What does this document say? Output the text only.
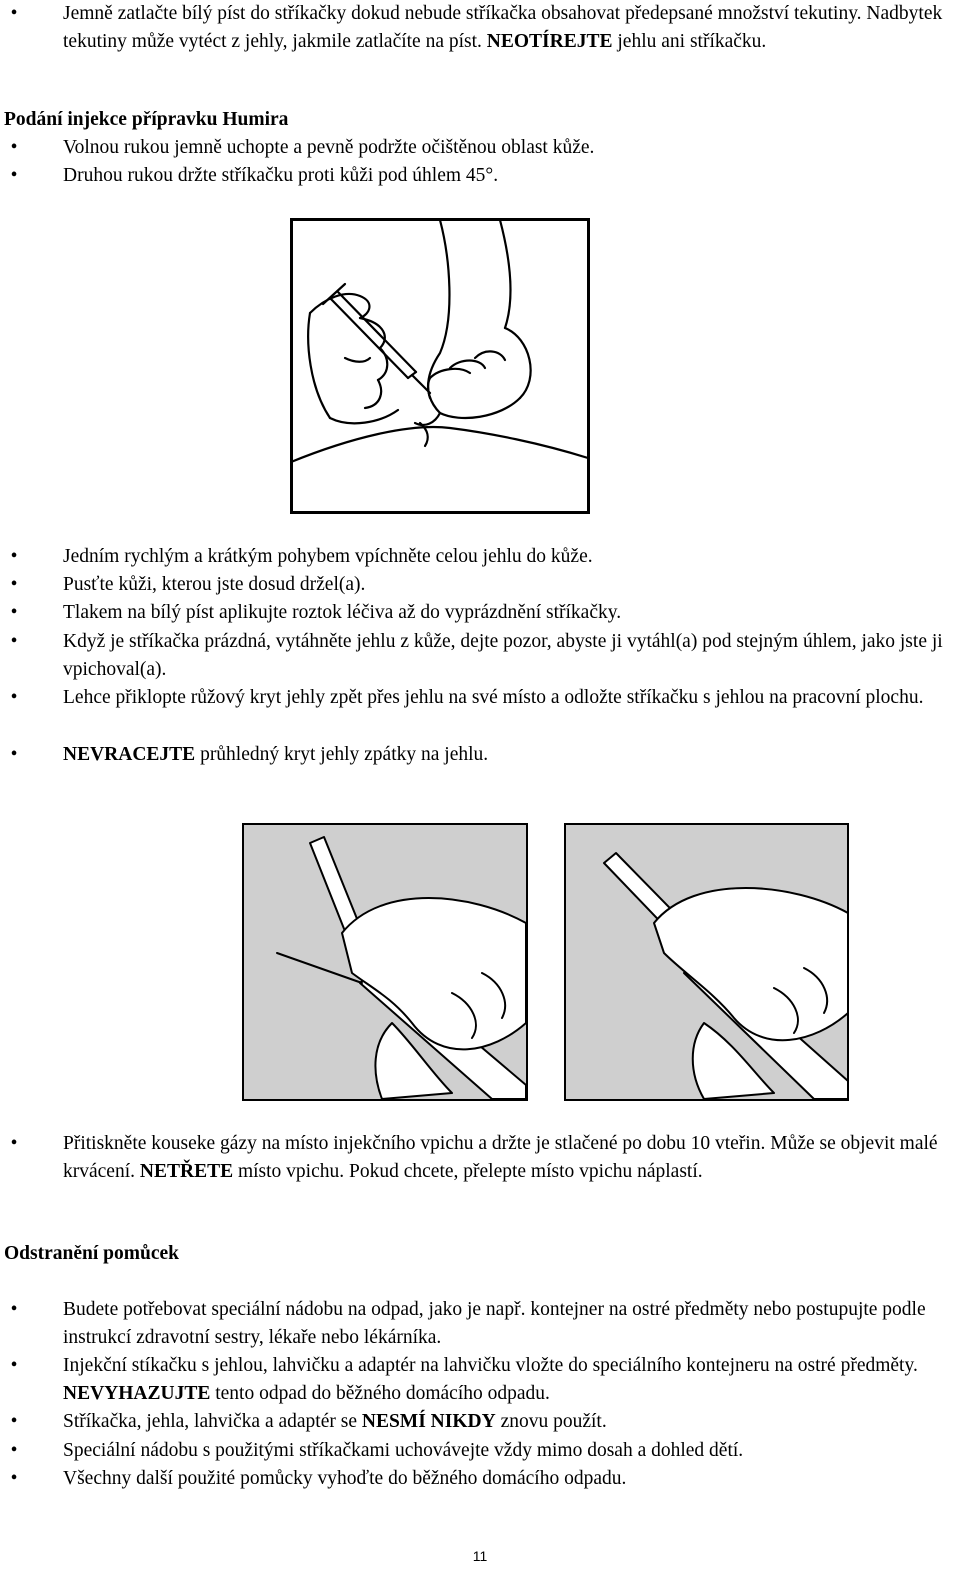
•	Jemně zatlačte bílý píst do stříkačky dokud nebude stříkačka obsahovat předepsané množství tekutiny. Nadbytek tekutiny může vytéct z jehly, jakmile zatlačíte na píst. NEOTÍREJTE jehlu ani stříkačku.
Podání injekce přípravku Humira
•	Volnou rukou jemně uchopte a pevně podržte očištěnou oblast kůže.
•	Druhou rukou držte stříkačku proti kůži pod úhlem 45°.
•	Jedním rychlým a krátkým pohybem vpíchněte celou jehlu do kůže.
•	Pusťte kůži, kterou jste dosud držel(a).
•	Tlakem na bílý píst aplikujte roztok léčiva až do vyprázdnění stříkačky.
•	Když je stříkačka prázdná, vytáhněte jehlu z kůže, dejte pozor, abyste ji vytáhl(a) pod stejným úhlem, jako jste ji vpichoval(a).
•	Lehce přiklopte růžový kryt jehly zpět přes jehlu na své místo a odložte stříkačku s jehlou na pracovní plochu.
•	NEVRACEJTE průhledný kryt jehly zpátky na jehlu.
•	Přitiskněte kouseke gázy na místo injekčního vpichu a držte je stlačené po dobu 10 vteřin. Může se objevit malé krvácení. NETŘETE místo vpichu. Pokud chcete, přelepte místo vpichu náplastí.
Odstranění pomůcek
•	Budete potřebovat speciální nádobu na odpad, jako je např. kontejner na ostré předměty nebo postupujte podle instrukcí zdravotní sestry, lékaře nebo lékárníka.
•	Injekční stíkačku s jehlou, lahvičku a adaptér na lahvičku vložte do speciálního kontejneru na ostré předměty. NEVYHAZUJTE tento odpad do běžného domácího odpadu.
•	Stříkačka, jehla, lahvička a adaptér se NESMÍ NIKDY znovu použít.
•	Speciální nádobu s použitými stříkačkami uchovávejte vždy mimo dosah a dohled dětí.
•	Všechny další použité pomůcky vyhoďte do běžného domácího odpadu.
11
